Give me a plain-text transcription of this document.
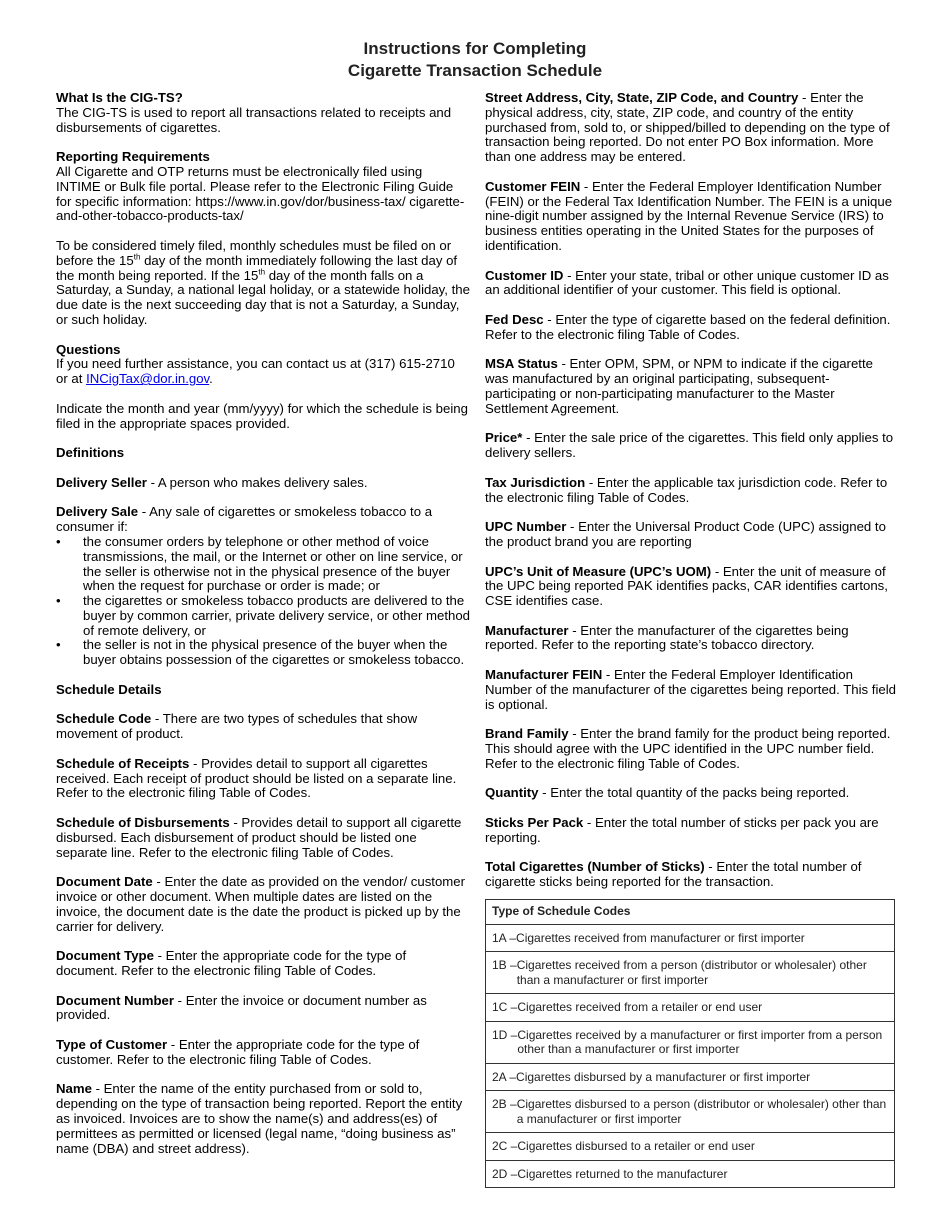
Instructions for Completing
Cigarette Transaction Schedule

What Is the CIG-TS?
The CIG-TS is used to report all transactions related to receipts and disbursements of cigarettes.

Reporting Requirements
All Cigarette and OTP returns must be electronically filed using INTIME or Bulk file portal. Please refer to the Electronic Filing Guide for specific information: https://www.in.gov/dor/business-tax/ cigarette-and-other-tobacco-products-tax/

To be considered timely filed, monthly schedules must be filed on or before the 15th day of the month immediately following the last day of the month being reported. If the 15th day of the month falls on a Saturday, a Sunday, a national legal holiday, or a statewide holiday, the due date is the next succeeding day that is not a Saturday, a Sunday, or such holiday.

Questions
If you need further assistance, you can contact us at (317) 615-2710 or at INCigTax@dor.in.gov.

Indicate the month and year (mm/yyyy) for which the schedule is being filed in the appropriate spaces provided.

Definitions

Delivery Seller - A person who makes delivery sales.

Delivery Sale - Any sale of cigarettes or smokeless tobacco to a consumer if:

• the consumer orders by telephone or other method of voice transmissions, the mail, or the Internet or other on line service, or the seller is otherwise not in the physical presence of the buyer when the request for purchase or order is made; or
• the cigarettes or smokeless tobacco products are delivered to the buyer by common carrier, private delivery service, or other method of remote delivery, or
• the seller is not in the physical presence of the buyer when the buyer obtains possession of the cigarettes or smokeless tobacco.

Schedule Details

Schedule Code - There are two types of schedules that show movement of product.

Schedule of Receipts - Provides detail to support all cigarettes received. Each receipt of product should be listed on a separate line. Refer to the electronic filing Table of Codes.

Schedule of Disbursements - Provides detail to support all cigarette disbursed. Each disbursement of product should be listed one separate line. Refer to the electronic filing Table of Codes.

Document Date - Enter the date as provided on the vendor/ customer invoice or other document. When multiple dates are listed on the invoice, the document date is the date the product is picked up by the carrier for delivery.

Document Type - Enter the appropriate code for the type of document. Refer to the electronic filing Table of Codes.

Document Number - Enter the invoice or document number as provided.

Type of Customer - Enter the appropriate code for the type of customer. Refer to the electronic filing Table of Codes.

Name - Enter the name of the entity purchased from or sold to, depending on the type of transaction being reported. Report the entity as invoiced. Invoices are to show the name(s) and address(es) of permittees as permitted or licensed (legal name, “doing business as” name (DBA) and street address).

Street Address, City, State, ZIP Code, and Country - Enter the physical address, city, state, ZIP code, and country of the entity purchased from, sold to, or shipped/billed to depending on the type of transaction being reported. Do not enter PO Box information. More than one address may be entered.

Customer FEIN - Enter the Federal Employer Identification Number (FEIN) or the Federal Tax Identification Number. The FEIN is a unique nine-digit number assigned by the Internal Revenue Service (IRS) to business entities operating in the United States for the purposes of identification.

Customer ID - Enter your state, tribal or other unique customer ID as an additional identifier of your customer. This field is optional.

Fed Desc - Enter the type of cigarette based on the federal definition. Refer to the electronic filing Table of Codes.

MSA Status - Enter OPM, SPM, or NPM to indicate if the cigarette was manufactured by an original participating, subsequent-participating or non-participating manufacturer to the Master Settlement Agreement.

Price* - Enter the sale price of the cigarettes. This field only applies to delivery sellers.

Tax Jurisdiction - Enter the applicable tax jurisdiction code. Refer to the electronic filing Table of Codes.

UPC Number - Enter the Universal Product Code (UPC) assigned to the product brand you are reporting

UPC’s Unit of Measure (UPC’s UOM) - Enter the unit of measure of the UPC being reported PAK identifies packs, CAR identifies cartons, CSE identifies case.

Manufacturer - Enter the manufacturer of the cigarettes being reported. Refer to the reporting state’s tobacco directory.

Manufacturer FEIN - Enter the Federal Employer Identification Number of the manufacturer of the cigarettes being reported. This field is optional.

Brand Family - Enter the brand family for the product being reported. This should agree with the UPC identified in the UPC number field. Refer to the electronic filing Table of Codes.

Quantity - Enter the total quantity of the packs being reported.

Sticks Per Pack - Enter the total number of sticks per pack you are reporting.

Total Cigarettes (Number of Sticks) - Enter the total number of cigarette sticks being reported for the transaction.

Type of Schedule Codes

1A – Cigarettes received from manufacturer or first importer

1B – Cigarettes received from a person (distributor or wholesaler) other than a manufacturer or first importer

1C – Cigarettes received from a retailer or end user

1D – Cigarettes received by a manufacturer or first importer from a person other than a manufacturer or first importer

2A – Cigarettes disbursed by a manufacturer or first importer

2B – Cigarettes disbursed to a person (distributor or wholesaler) other than a manufacturer or first importer

2C – Cigarettes disbursed to a retailer or end user

2D – Cigarettes returned to the manufacturer
